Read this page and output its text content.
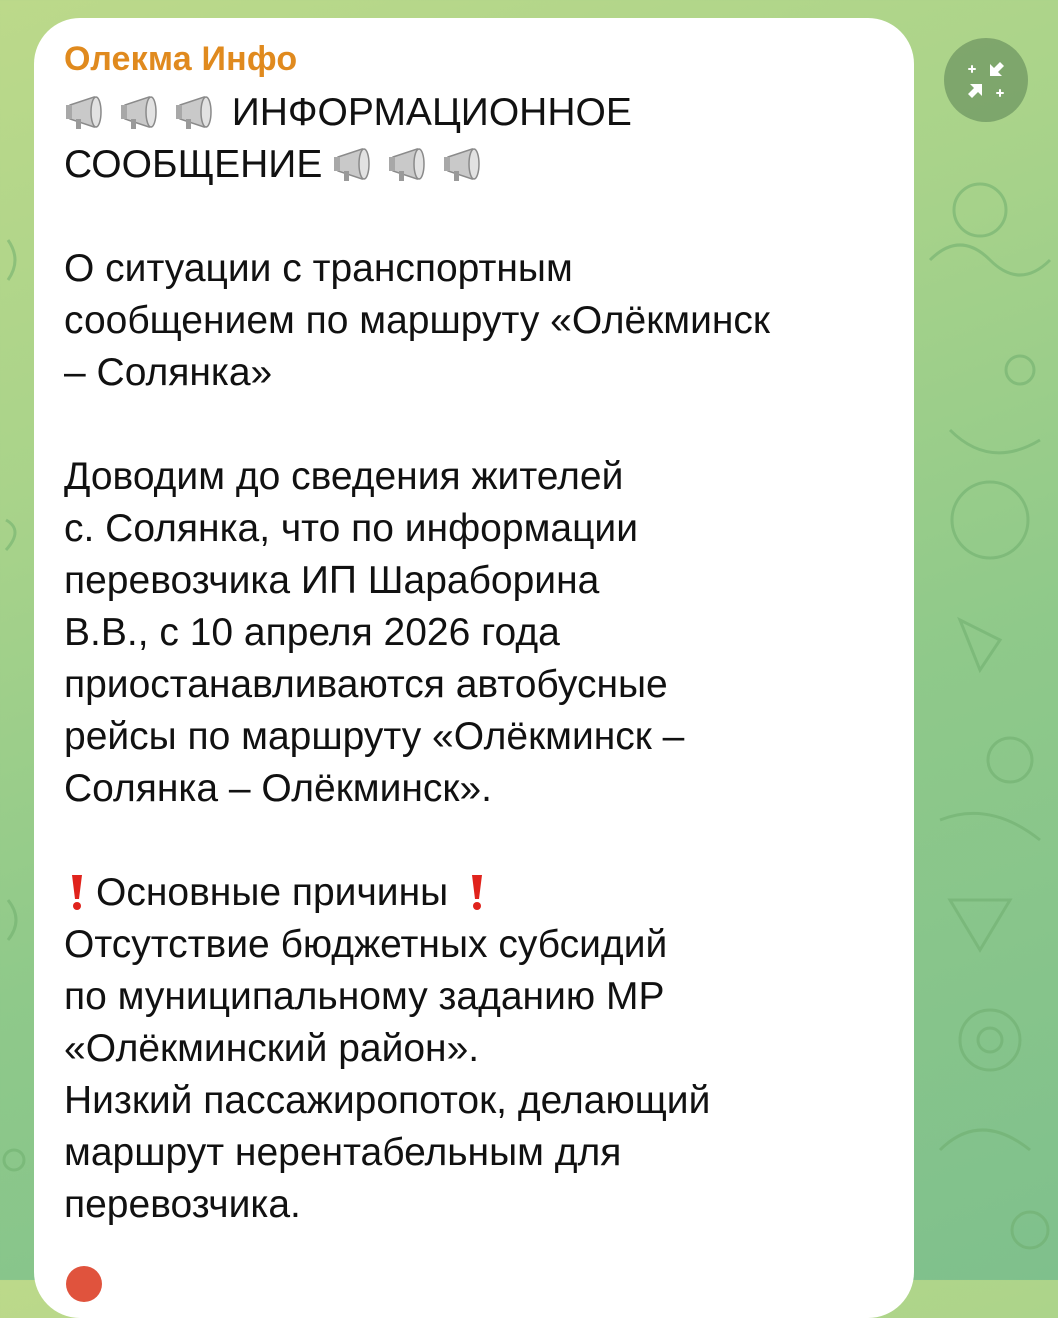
Олекма Инфо

ИНФОРМАЦИОННОЕ
СООБЩЕНИЕ

О ситуации с транспортным
сообщением по маршруту «Олёкминск
– Солянка»
Доводим до сведения жителей
с. Солянка, что по информации
перевозчика ИП Шараборина
В.В., с 10 апреля 2026 года
приостанавливаются автобусные
рейсы по маршруту «Олёкминск –
Солянка – Олёкминск».
Основные причины
Отсутствие бюджетных субсидий
по муниципальному заданию МР
«Олёкминский район».
Низкий пассажиропоток, делающий
маршрут нерентабельным для
перевозчика.
